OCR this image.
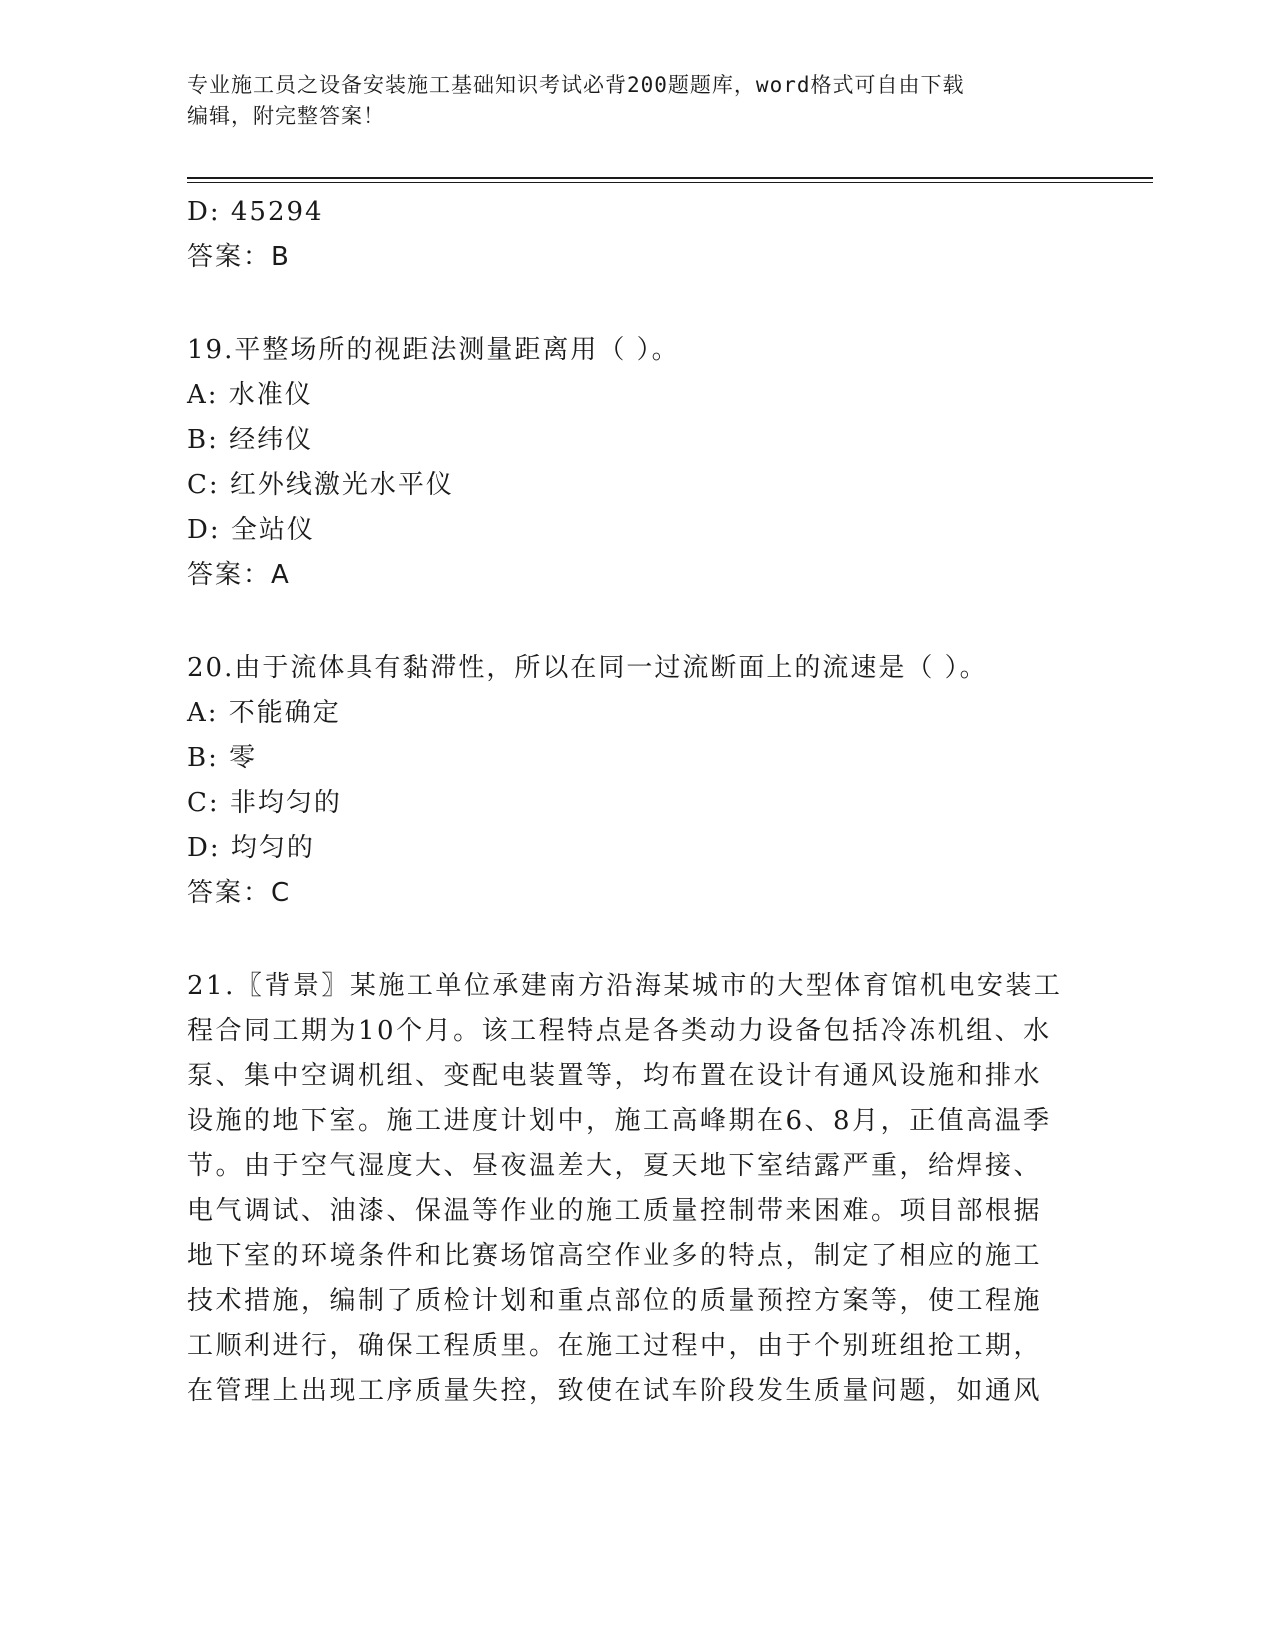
专业施工员之设备安装施工基础知识考试必背200题题库，word格式可自由下载
编辑，附完整答案！
D: 45294
答案：B
19.平整场所的视距法测量距离用（ ）。
A: 水准仪
B: 经纬仪
C: 红外线激光水平仪
D: 全站仪
答案：A
20.由于流体具有黏滞性，所以在同一过流断面上的流速是（ ）。
A: 不能确定
B: 零
C: 非均匀的
D: 均匀的
答案：C
21.〖背景〗某施工单位承建南方沿海某城市的大型体育馆机电安装工
程合同工期为10个月。该工程特点是各类动力设备包括冷冻机组、水
泵、集中空调机组、变配电装置等，均布置在设计有通风设施和排水
设施的地下室。施工进度计划中，施工高峰期在6、8月，正值高温季
节。由于空气湿度大、昼夜温差大，夏天地下室结露严重，给焊接、
电气调试、油漆、保温等作业的施工质量控制带来困难。项目部根据
地下室的环境条件和比赛场馆高空作业多的特点，制定了相应的施工
技术措施，编制了质检计划和重点部位的质量预控方案等，使工程施
工顺利进行，确保工程质里。在施工过程中，由于个别班组抢工期，
在管理上出现工序质量失控，致使在试车阶段发生质量问题，如通风
